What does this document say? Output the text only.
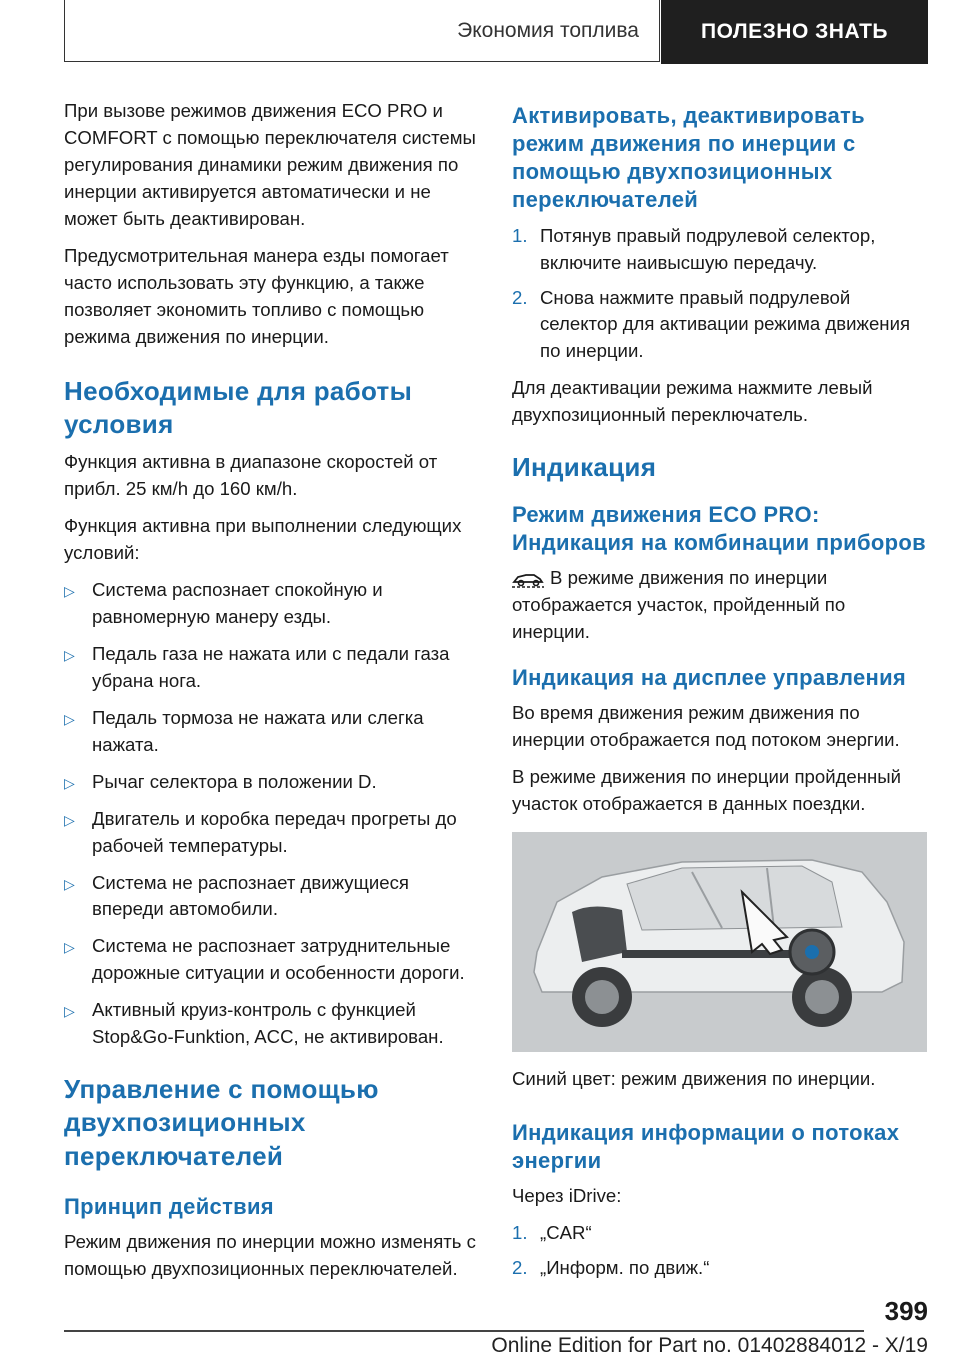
Экономия топлива	ПОЛЕЗНО ЗНАТЬ

При вызове режимов движения ECO PRO и COMFORT с помощью переключателя системы регулирования динамики режим движения по инерции активируется автоматически и не может быть деактивирован.

Предусмотрительная манера езды помогает часто использовать эту функцию, а также позволяет экономить топливо с помощью режима движения по инерции.

Необходимые для работы условия

Функция активна в диапазоне скоростей от прибл. 25 км/h до 160 км/h.

Функция активна при выполнении следующих условий:

▷ Система распознает спокойную и равномерную манеру езды.
▷ Педаль газа не нажата или с педали газа убрана нога.
▷ Педаль тормоза не нажата или слегка нажата.
▷ Рычаг селектора в положении D.
▷ Двигатель и коробка передач прогреты до рабочей температуры.
▷ Система не распознает движущиеся впереди автомобили.
▷ Система не распознает затруднительные дорожные ситуации и особенности дороги.
▷ Активный круиз-контроль с функцией Stop&Go-Funktion, ACC, не активирован.
Управление с помощью двухпозиционных переключателей
Принцип действия

Режим движения по инерции можно изменять с помощью двухпозиционных переключателей.

Активировать, деактивировать режим движения по инерции с помощью двухпозиционных переключателей
1. Потянув правый подрулевой селектор, включите наивысшую передачу.
2. Снова нажмите правый подрулевой селектор для активации режима движения по инерции.

Для деактивации режима нажмите левый двухпозиционный переключатель.

Индикация
Режим движения ECO PRO: Индикация на комбинации приборов

В режиме движения по инерции отображается участок, пройденный по инерции.

Индикация на дисплее управления

Во время движения режим движения по инерции отображается под потоком энергии.

В режиме движения по инерции пройденный участок отображается в данных поездки.

Синий цвет: режим движения по инерции.

Индикация информации о потоках энергии

Через iDrive:

1. „CAR“
2. „Информ. по движ.“
399
Online Edition for Part no. 01402884012 - X/19
